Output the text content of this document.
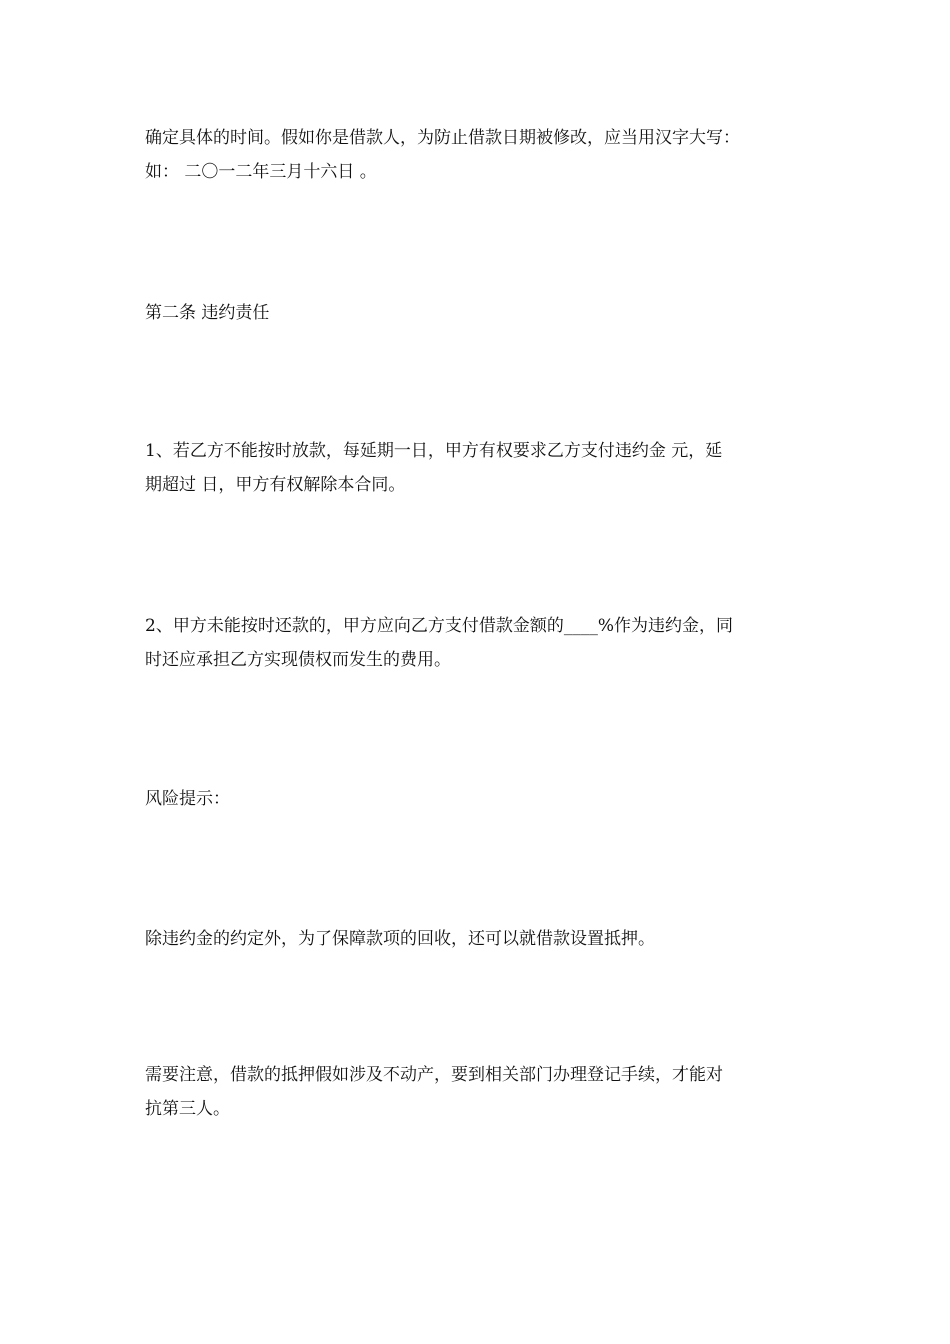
确定具体的时间。假如你是借款人，为防止借款日期被修改，应当用汉字大写：
如： 二〇一二年三月十六日 。

第二条 违约责任

1、若乙方不能按时放款，每延期一日，甲方有权要求乙方支付违约金 元，延
期超过 日，甲方有权解除本合同。

2、甲方未能按时还款的，甲方应向乙方支付借款金额的____%作为违约金，同
时还应承担乙方实现债权而发生的费用。

风险提示：

除违约金的约定外，为了保障款项的回收，还可以就借款设置抵押。

需要注意，借款的抵押假如涉及不动产，要到相关部门办理登记手续，才能对
抗第三人。
